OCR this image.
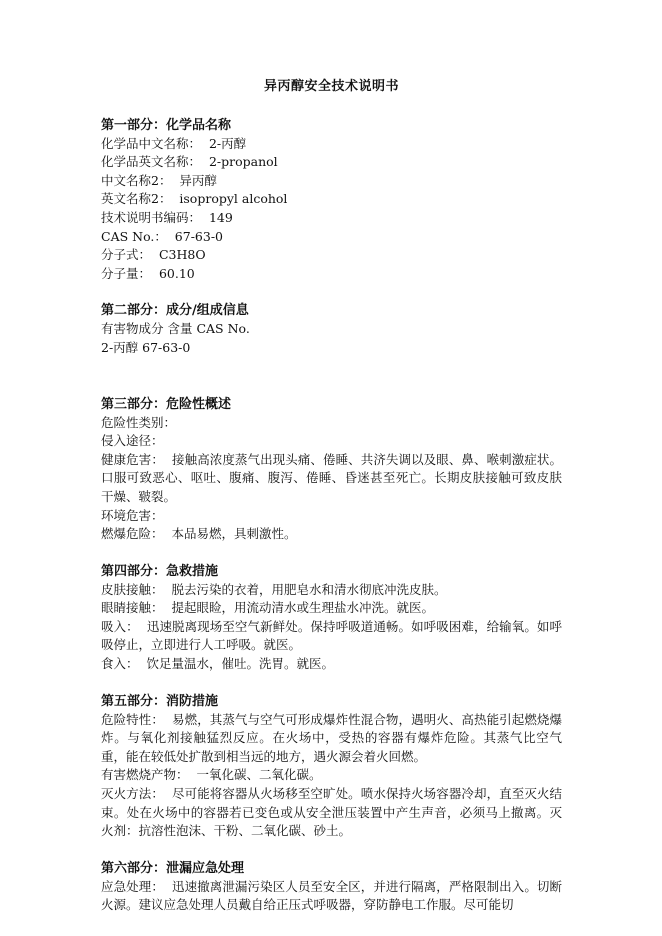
异丙醇安全技术说明书
第一部分：化学品名称
化学品中文名称：  2-丙醇
化学品英文名称：  2-propanol
中文名称2：  异丙醇
英文名称2：  isopropyl alcohol
技术说明书编码：  149
CAS No.：  67-63-0
分子式：  C3H8O
分子量：  60.10
第二部分：成分/组成信息
有害物成分 含量 CAS No.
2-丙醇 67-63-0
第三部分：危险性概述
危险性类别：
侵入途径：
健康危害：  接触高浓度蒸气出现头痛、倦睡、共济失调以及眼、鼻、喉刺激症状。口服可致恶心、呕吐、腹痛、腹泻、倦睡、昏迷甚至死亡。长期皮肤接触可致皮肤干燥、皲裂。
环境危害：
燃爆危险：  本品易燃，具刺激性。
第四部分：急救措施
皮肤接触：  脱去污染的衣着，用肥皂水和清水彻底冲洗皮肤。
眼睛接触：  提起眼睑，用流动清水或生理盐水冲洗。就医。
吸入：  迅速脱离现场至空气新鲜处。保持呼吸道通畅。如呼吸困难，给输氧。如呼吸停止，立即进行人工呼吸。就医。
食入：  饮足量温水，催吐。洗胃。就医。
第五部分：消防措施
危险特性：  易燃，其蒸气与空气可形成爆炸性混合物，遇明火、高热能引起燃烧爆炸。与氧化剂接触猛烈反应。在火场中，受热的容器有爆炸危险。其蒸气比空气重，能在较低处扩散到相当远的地方，遇火源会着火回燃。
有害燃烧产物：  一氧化碳、二氧化碳。
灭火方法：  尽可能将容器从火场移至空旷处。喷水保持火场容器冷却，直至灭火结束。处在火场中的容器若已变色或从安全泄压装置中产生声音，必须马上撤离。灭火剂：抗溶性泡沫、干粉、二氧化碳、砂土。
第六部分：泄漏应急处理
应急处理：  迅速撤离泄漏污染区人员至安全区，并进行隔离，严格限制出入。切断火源。建议应急处理人员戴自给正压式呼吸器，穿防静电工作服。尽可能切
